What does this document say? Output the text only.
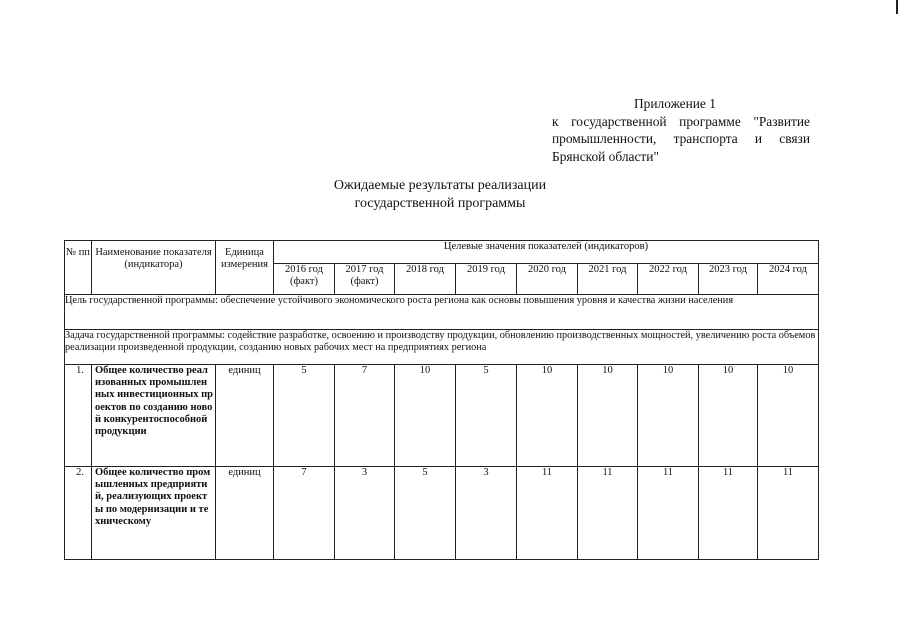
Приложение 1
к государственной программе "Развитие промышленности, транспорта и связи Брянской области"
Ожидаемые результаты реализации
государственной программы
№ пп	Наименование показателя (индикатора)	Единица измерения	Целевые значения показателей (индикаторов)								
			2016 год (факт)	2017 год (факт)	2018 год	2019 год	2020 год	2021 год	2022 год	2023 год	2024 год
Цель государственной программы: обеспечение устойчивого экономического роста региона как основы повышения уровня и качества жизни населения											
Задача государственной программы: содействие разработке, освоению и производству продукции, обновлению производственных мощностей, увеличению роста объемов реализации произведенной продукции, созданию новых рабочих мест на предприятиях региона											
1.	Общее количество реализованных промышленных инвестиционных проектов по созданию новой конкурентоспособной продукции	единиц	5	7	10	5	10	10	10	10	10
2.	Общее количество промышленных предприятий, реализующих проекты по модернизации и техническому	единиц	7	3	5	3	11	11	11	11	11
